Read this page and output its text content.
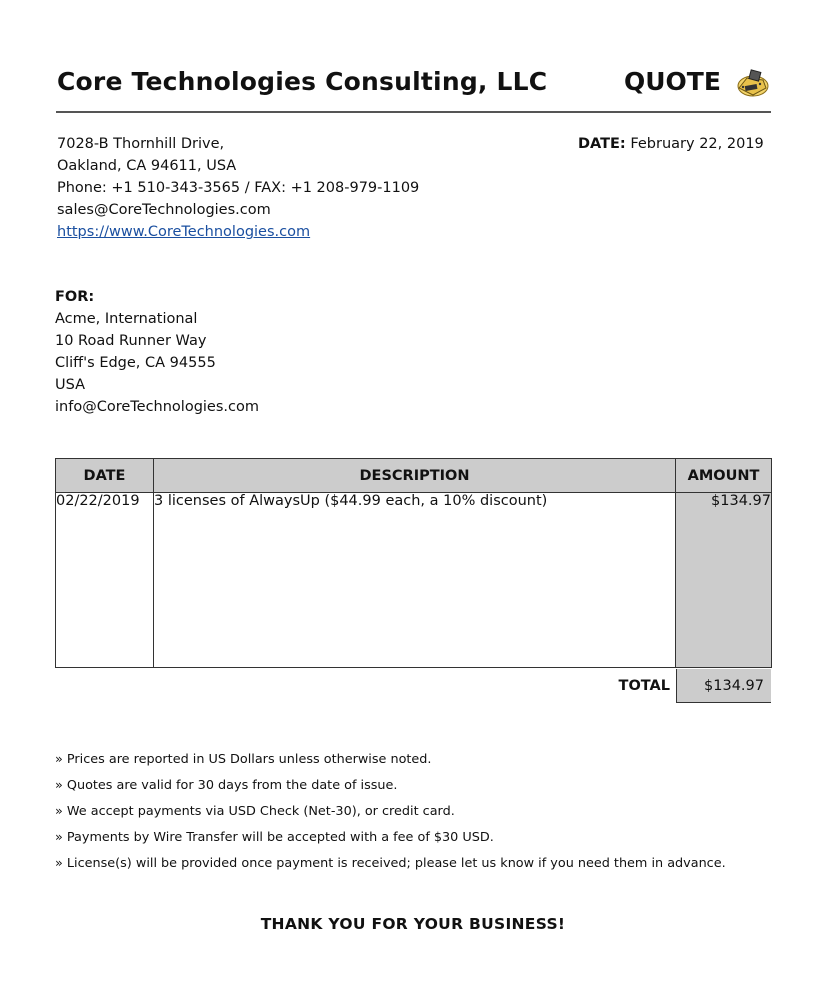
Core Technologies Consulting, LLC	QUOTE
7028-B Thornhill Drive,
Oakland, CA 94611, USA
Phone: +1 510-343-3565 / FAX: +1 208-979-1109
sales@CoreTechnologies.com
https://www.CoreTechnologies.com
DATE: February 22, 2019
FOR:
Acme, International
10 Road Runner Way
Cliff's Edge, CA 94555
USA
info@CoreTechnologies.com
DATE	DESCRIPTION	AMOUNT
02/22/2019	3 licenses of AlwaysUp ($44.99 each, a 10% discount)	$134.97
TOTAL	$134.97
» Prices are reported in US Dollars unless otherwise noted.
» Quotes are valid for 30 days from the date of issue.
» We accept payments via USD Check (Net-30), or credit card.
» Payments by Wire Transfer will be accepted with a fee of $30 USD.
» License(s) will be provided once payment is received; please let us know if you need them in advance.
THANK YOU FOR YOUR BUSINESS!
